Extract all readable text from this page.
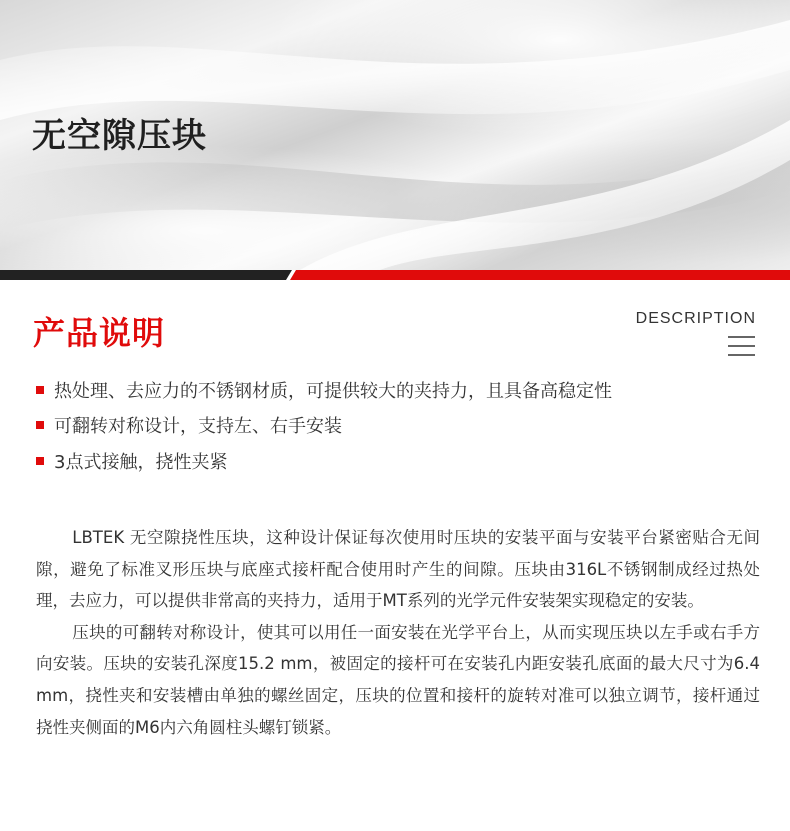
无空隙压块
产品说明	DESCRIPTION
热处理、去应力的不锈钢材质，可提供较大的夹持力，且具备高稳定性
可翻转对称设计，支持左、右手安装
3点式接触，挠性夹紧

LBTEK 无空隙挠性压块，这种设计保证每次使用时压块的安装平面与安装平台紧密贴合无间隙，避免了标准叉形压块与底座式接杆配合使用时产生的间隙。压块由316L不锈钢制成经过热处理，去应力，可以提供非常高的夹持力，适用于MT系列的光学元件安装架实现稳定的安装。

压块的可翻转对称设计，使其可以用任一面安装在光学平台上，从而实现压块以左手或右手方向安装。压块的安装孔深度15.2 mm，被固定的接杆可在安装孔内距安装孔底面的最大尺寸为6.4　mm，挠性夹和安装槽由单独的螺丝固定，压块的位置和接杆的旋转对准可以独立调节，接杆通过挠性夹侧面的M6内六角圆柱头螺钉锁紧。
